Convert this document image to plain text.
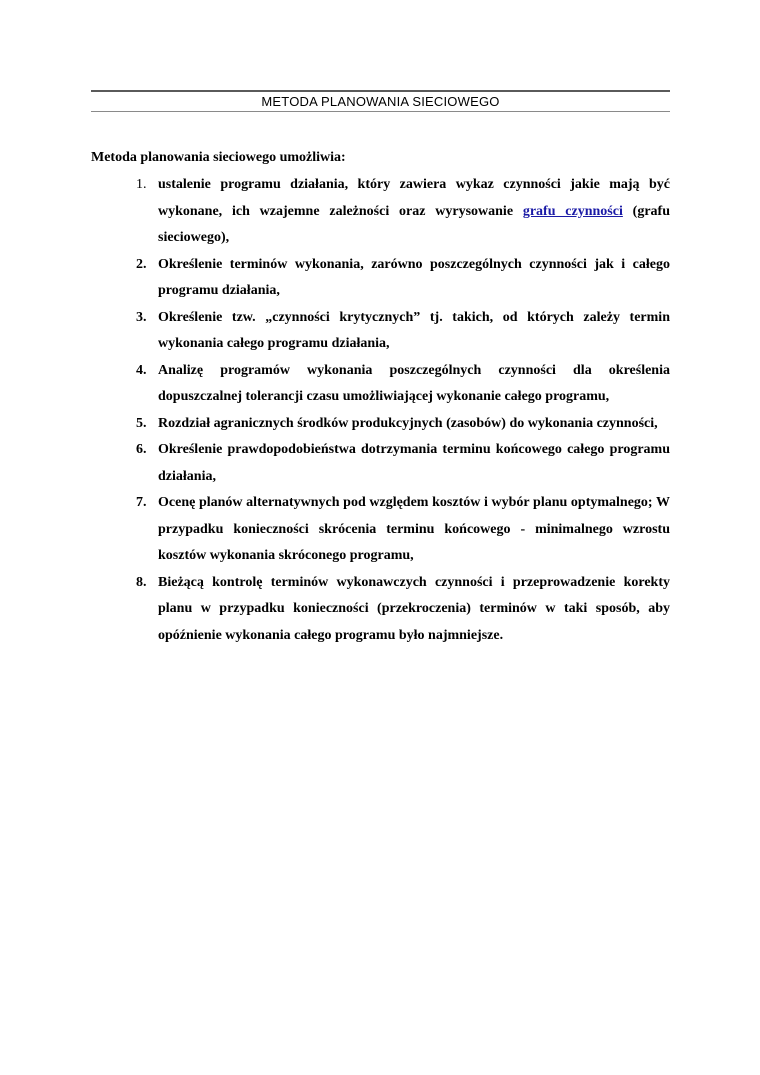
METODA PLANOWANIA SIECIOWEGO
Metoda planowania sieciowego umożliwia:
1. ustalenie programu działania, który zawiera wykaz czynności jakie mają być wykonane, ich wzajemne zależności oraz wyrysowanie grafu czynności (grafu sieciowego),
2. Określenie terminów wykonania, zarówno poszczególnych czynności jak i całego programu działania,
3. Określenie tzw. „czynności krytycznych” tj. takich, od których zależy termin wykonania całego programu działania,
4. Analizę programów wykonania poszczególnych czynności dla określenia dopuszczalnej tolerancji czasu umożliwiającej wykonanie całego programu,
5. Rozdział agranicznych środków produkcyjnych (zasobów) do wykonania czynności,
6. Określenie prawdopodobieństwa dotrzymania terminu końcowego całego programu działania,
7. Ocenę planów alternatywnych pod względem kosztów i wybór planu optymalnego; W przypadku konieczności skrócenia terminu końcowego - minimalnego wzrostu kosztów wykonania skróconego programu,
8. Bieżącą kontrolę terminów wykonawczych czynności i przeprowadzenie korekty planu w przypadku konieczności (przekroczenia) terminów w taki sposób, aby opóźnienie wykonania całego programu było najmniejsze.
